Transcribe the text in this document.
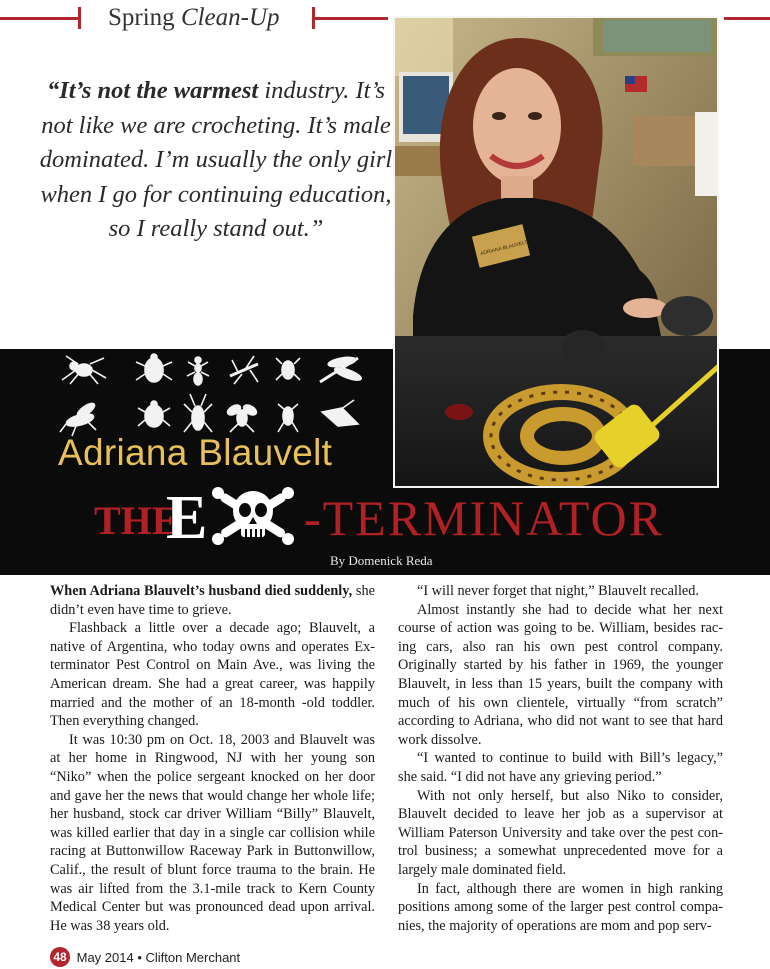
Spring Clean-Up
“It’s not the warmest industry. It’s not like we are crocheting. It’s male dominated. I’m usually the only girl when I go for continuing education, so I really stand out.”
ADRIANA BLAUVELT
Adriana Blauvelt
THE
E -TERMINATOR
By Domenick Reda

When Adriana Blauvelt’s husband died suddenly, she didn’t even have time to grieve.

Flashback a little over a decade ago; Blauvelt, a native of Argentina, who today owns and operates Ex-terminator Pest Control on Main Ave., was living the American dream. She had a great career, was happily married and the mother of an 18-month -old toddler. Then everything changed.

It was 10:30 pm on Oct. 18, 2003 and Blauvelt was at her home in Ringwood, NJ with her young son “Niko” when the police sergeant knocked on her door and gave her the news that would change her whole life; her husband, stock car driver William “Billy” Blauvelt, was killed earlier that day in a single car collision while racing at Buttonwillow Raceway Park in Buttonwillow, Calif., the result of blunt force trauma to the brain. He was air lifted from the 3.1-mile track to Kern County Medical Center but was pronounced dead upon arrival. He was 38 years old.

“I will never forget that night,” Blauvelt recalled.

Almost instantly she had to decide what her next course of action was going to be. William, besides rac-ing cars, also ran his own pest control company. Originally started by his father in 1969, the younger Blauvelt, in less than 15 years, built the company with much of his own clientele, virtually “from scratch” according to Adriana, who did not want to see that hard work dissolve.

“I wanted to continue to build with Bill’s legacy,” she said. “I did not have any grieving period.”

With not only herself, but also Niko to consider, Blauvelt decided to leave her job as a supervisor at William Paterson University and take over the pest con-trol business; a somewhat unprecedented move for a largely male dominated field.

In fact, although there are women in high ranking positions among some of the larger pest control compa-nies, the majority of operations are mom and pop serv-

48 May 2014 • Clifton Merchant
